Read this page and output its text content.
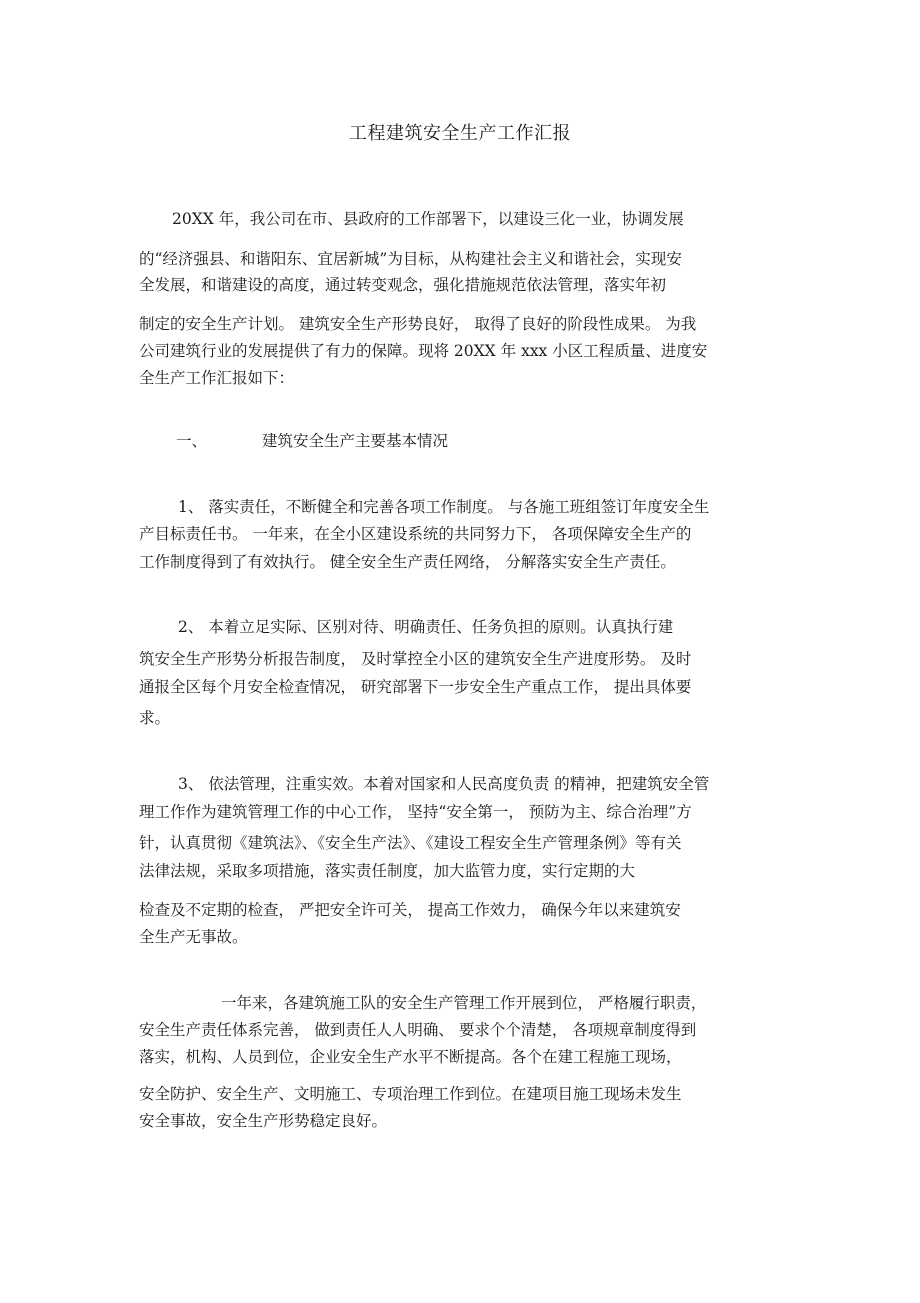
工程建筑安全生产工作汇报
20XX 年，我公司在市、县政府的工作部署下，以建设三化一业，协调发展
的“经济强县、和谐阳东、宜居新城”为目标，从构建社会主义和谐社会，实现安
全发展，和谐建设的高度，通过转变观念，强化措施规范依法管理，落实年初
制定的安全生产计划。 建筑安全生产形势良好， 取得了良好的阶段性成果。 为我
公司建筑行业的发展提供了有力的保障。现将 20XX 年 xxx 小区工程质量、进度安
全生产工作汇报如下：
一、	建筑安全生产主要基本情况
1、 落实责任，不断健全和完善各项工作制度。 与各施工班组签订年度安全生
产目标责任书。 一年来，在全小区建设系统的共同努力下， 各项保障安全生产的
工作制度得到了有效执行。 健全安全生产责任网络， 分解落实安全生产责任。
2、 本着立足实际、区别对待、明确责任、任务负担的原则。认真执行建
筑安全生产形势分析报告制度， 及时掌控全小区的建筑安全生产进度形势。 及时
通报全区每个月安全检查情况， 研究部署下一步安全生产重点工作， 提出具体要
求。
3、 依法管理，注重实效。本着对国家和人民高度负责 的精神，把建筑安全管
理工作作为建筑管理工作的中心工作， 坚持“安全第一， 预防为主、综合治理”方
针，认真贯彻《建筑法》、《安全生产法》、《建设工程安全生产管理条例》等有关
法律法规，采取多项措施，落实责任制度，加大监管力度，实行定期的大
检查及不定期的检查， 严把安全许可关， 提高工作效力， 确保今年以来建筑安
全生产无事故。
一年来，各建筑施工队的安全生产管理工作开展到位， 严格履行职责，
安全生产责任体系完善， 做到责任人人明确、 要求个个清楚， 各项规章制度得到
落实，机构、人员到位，企业安全生产水平不断提高。各个在建工程施工现场，
安全防护、安全生产、文明施工、专项治理工作到位。在建项目施工现场未发生
安全事故，安全生产形势稳定良好。
